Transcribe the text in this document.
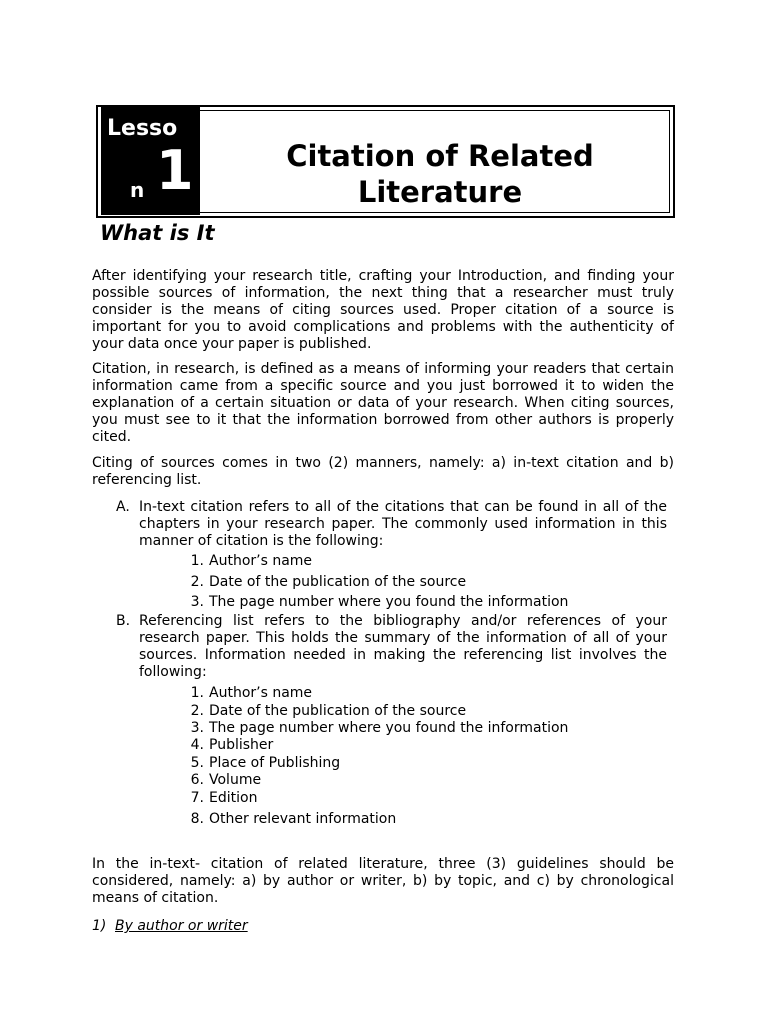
Lesso
n 1	Citation of Related
Literature
What is It

After identifying your research title, crafting your Introduction, and finding your possible sources of information, the next thing that a researcher must truly consider is the means of citing sources used. Proper citation of a source is important for you to avoid complications and problems with the authenticity of your data once your paper is published.

Citation, in research, is defined as a means of informing your readers that certain information came from a specific source and you just borrowed it to widen the explanation of a certain situation or data of your research. When citing sources, you must see to it that the information borrowed from other authors is properly cited.

Citing of sources comes in two (2) manners, namely: a) in-text citation and b) referencing list.

A. In-text citation refers to all of the citations that can be found in all of the chapters in your research paper. The commonly used information in this manner of citation is the following:

1. Author’s name
2. Date of the publication of the source
3. The page number where you found the information
B. Referencing list refers to the bibliography and/or references of your research paper. This holds the summary of the information of all of your sources. Information needed in making the referencing list involves the following:

1. Author’s name
2. Date of the publication of the source
3. The page number where you found the information
4. Publisher
5. Place of Publishing
6. Volume
7. Edition
8. Other relevant information

In the in-text- citation of related literature, three (3) guidelines should be considered, namely: a) by author or writer, b) by topic, and c) by chronological means of citation.

1) By author or writer
